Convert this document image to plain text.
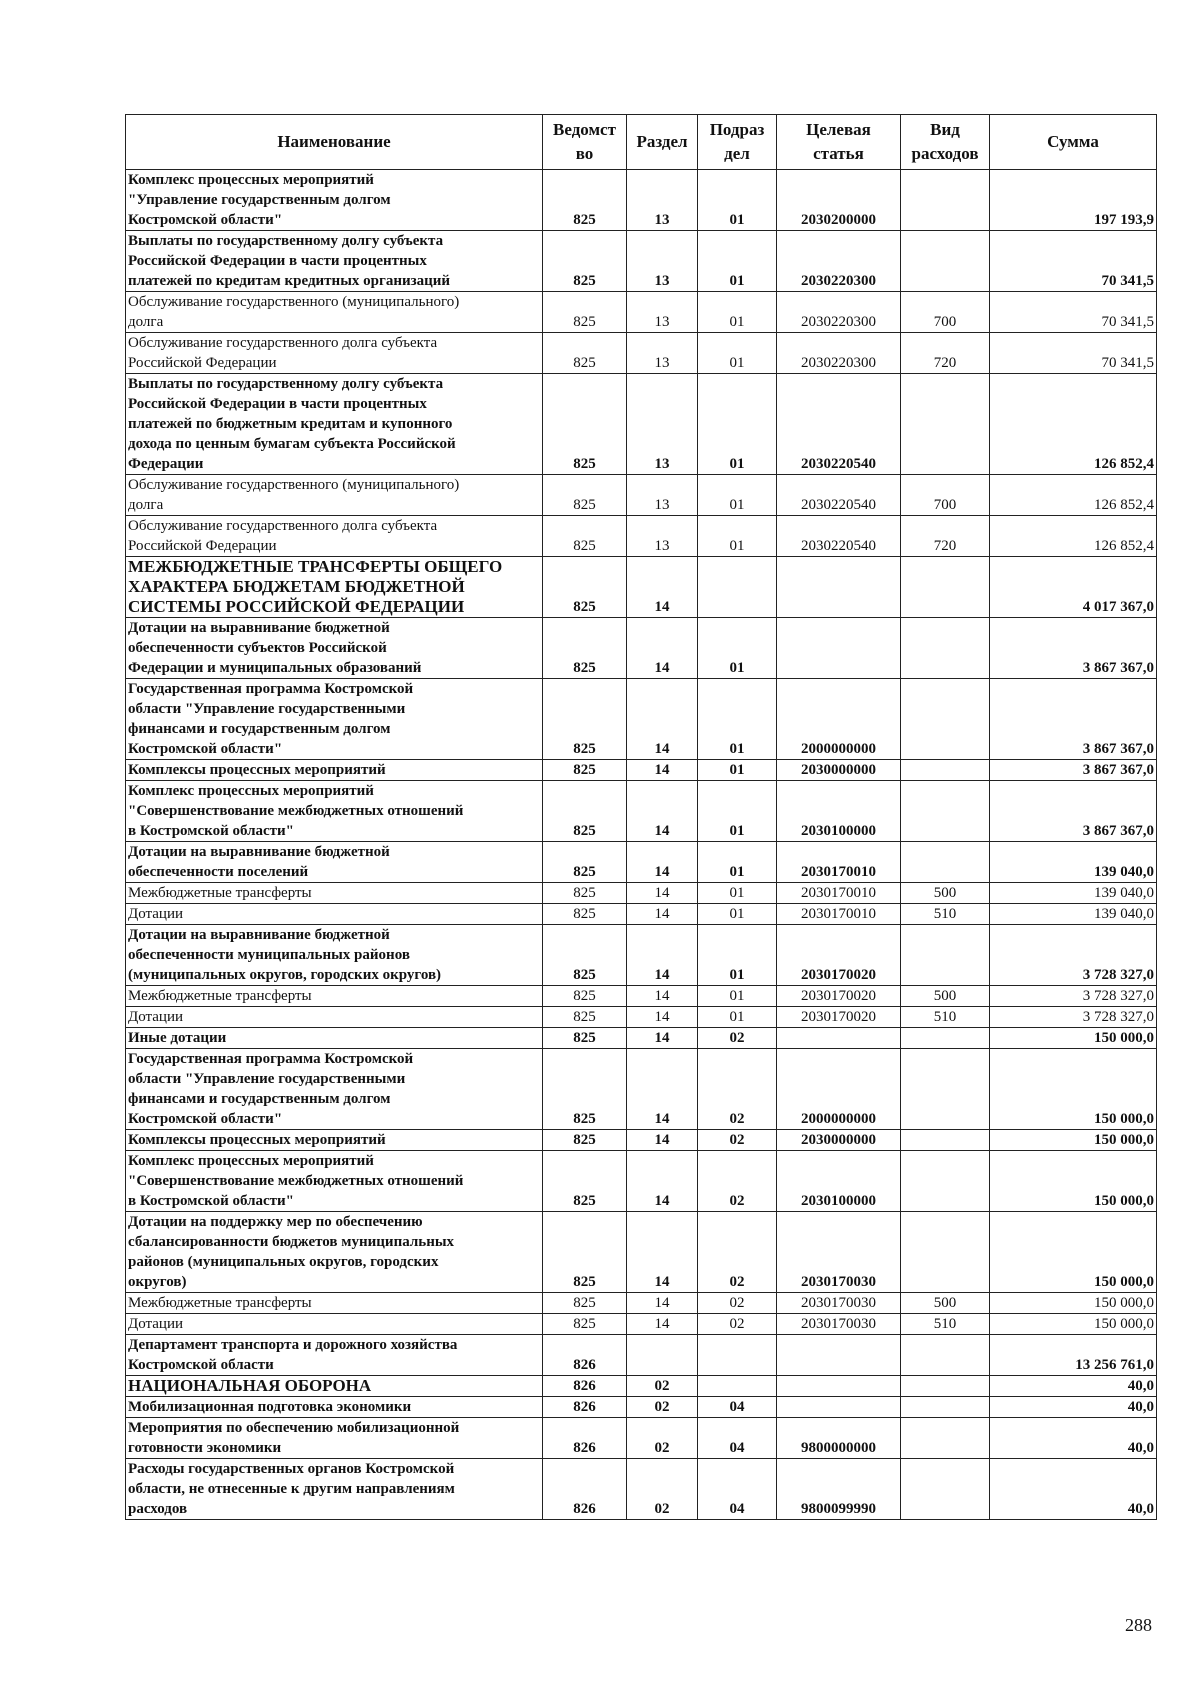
Наименование	Ведомст во	Раздел	Подраз дел	Целевая статья	Вид расходов	Сумма
Комплекс процессных мероприятий
"Управление государственным долгом
Костромской области"	825	13	01	2030200000		197 193,9
Выплаты по государственному долгу субъекта
Российской Федерации в части процентных
платежей по кредитам кредитных организаций	825	13	01	2030220300		70 341,5
Обслуживание государственного (муниципального)
долга	825	13	01	2030220300	700	70 341,5
Обслуживание государственного долга субъекта
Российской Федерации	825	13	01	2030220300	720	70 341,5
Выплаты по государственному долгу субъекта
Российской Федерации в части процентных
платежей по бюджетным кредитам и купонного
дохода по ценным бумагам субъекта Российской
Федерации	825	13	01	2030220540		126 852,4
Обслуживание государственного (муниципального)
долга	825	13	01	2030220540	700	126 852,4
Обслуживание государственного долга субъекта
Российской Федерации	825	13	01	2030220540	720	126 852,4
МЕЖБЮДЖЕТНЫЕ ТРАНСФЕРТЫ ОБЩЕГО
ХАРАКТЕРА БЮДЖЕТАМ БЮДЖЕТНОЙ
СИСТЕМЫ РОССИЙСКОЙ ФЕДЕРАЦИИ	825	14				4 017 367,0
Дотации на выравнивание бюджетной
обеспеченности субъектов Российской
Федерации и муниципальных образований	825	14	01			3 867 367,0
Государственная программа Костромской
области "Управление государственными
финансами и государственным долгом
Костромской области"	825	14	01	2000000000		3 867 367,0
Комплексы процессных мероприятий	825	14	01	2030000000		3 867 367,0
Комплекс процессных мероприятий
"Совершенствование межбюджетных отношений
в Костромской области"	825	14	01	2030100000		3 867 367,0
Дотации на выравнивание бюджетной
обеспеченности поселений	825	14	01	2030170010		139 040,0
Межбюджетные трансферты	825	14	01	2030170010	500	139 040,0
Дотации	825	14	01	2030170010	510	139 040,0
Дотации на выравнивание бюджетной
обеспеченности муниципальных районов
(муниципальных округов, городских округов)	825	14	01	2030170020		3 728 327,0
Межбюджетные трансферты	825	14	01	2030170020	500	3 728 327,0
Дотации	825	14	01	2030170020	510	3 728 327,0
Иные дотации	825	14	02			150 000,0
Государственная программа Костромской
области "Управление государственными
финансами и государственным долгом
Костромской области"	825	14	02	2000000000		150 000,0
Комплексы процессных мероприятий	825	14	02	2030000000		150 000,0
Комплекс процессных мероприятий
"Совершенствование межбюджетных отношений
в Костромской области"	825	14	02	2030100000		150 000,0
Дотации на поддержку мер по обеспечению
сбалансированности бюджетов муниципальных
районов (муниципальных округов, городских
округов)	825	14	02	2030170030		150 000,0
Межбюджетные трансферты	825	14	02	2030170030	500	150 000,0
Дотации	825	14	02	2030170030	510	150 000,0
Департамент транспорта и дорожного хозяйства
Костромской области	826					13 256 761,0
НАЦИОНАЛЬНАЯ ОБОРОНА	826	02				40,0
Мобилизационная подготовка экономики	826	02	04			40,0
Мероприятия по обеспечению мобилизационной
готовности экономики	826	02	04	9800000000		40,0
Расходы государственных органов Костромской
области, не отнесенные к другим направлениям
расходов	826	02	04	9800099990		40,0
288
